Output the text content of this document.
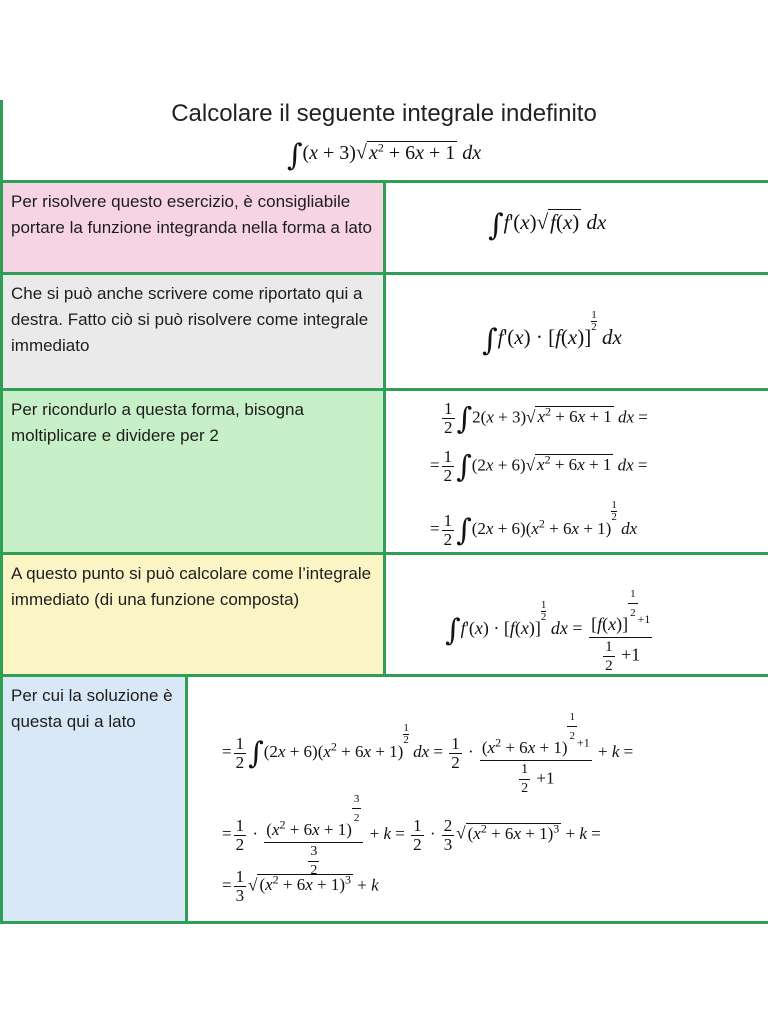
Calcolare il seguente integrale indefinito
∫(x + 3)√ $x^2 + 6x + 1$ dx
Per risolvere questo esercizio, è consigliabile portare la funzione integranda nella forma a lato
Che si può anche scrivere come riportato qui a destra. Fatto ciò si può risolvere come integrale immediato
Per ricondurlo a questa forma, bisogna moltiplicare e dividere per 2
A questo punto si può calcolare come l’integrale immediato (di una funzione composta)
Per cui la soluzione è questa qui a lato
∫f'(x)√f(x) dx
∫f'(x) · [f(x)]
$\frac{1}{2}$ dx
$\frac{1}{2} \int 2(x + 3)√$ $x^2 + 6x + 1$ dx =
= $\frac{1}{2} \int(2x + 6)√$ $x^2 + 6x + 1$ dx =
= $\frac{1}{2} \int(2x + 6)(x^2 + 6x + 1)$
$\frac{1}{2}$ dx
∫f'(x) · [f(x)]
$\frac{1}{2}$ dx = [f(x)]
$\frac{1}{2} ^{+1}$
$\frac{1}{2} +1$
= $\frac{1}{2} \int(2x + 6)(x^2 + 6x + 1)$
$\frac{1}{2}$ dx = $\frac{1}{2} \cdot (x^2 + 6x + 1)$
$\frac{1}{2} ^{+1}$
$\frac{1}{2} +1 + k$ =
= $\frac{1}{2} \cdot (x^2 + 6x + 1)$
$\frac{3}{2}$
$\frac{3}{2} + k = \frac{1}{2} \cdot \frac{2}{3}$ √ $(x^2 + 6x + 1)^3 + k$ =
= $\frac{1}{3}$ √ $(x^2 + 6x + 1)^3 + k$
